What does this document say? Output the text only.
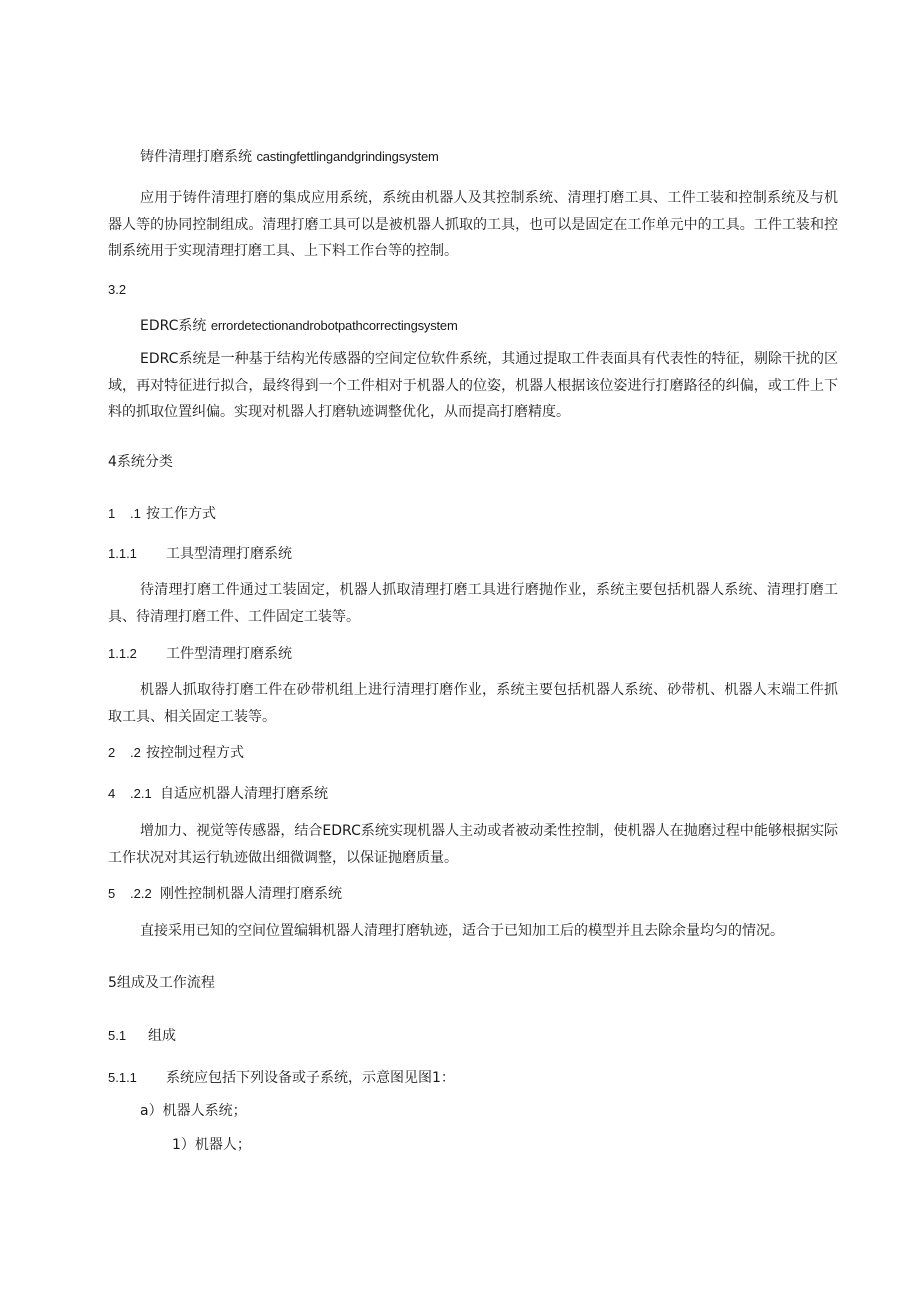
铸件清理打磨系统 castingfettlingandgrindingsystem

应用于铸件清理打磨的集成应用系统，系统由机器人及其控制系统、清理打磨工具、工件工装和控制系统及与机器人等的协同控制组成。清理打磨工具可以是被机器人抓取的工具，也可以是固定在工作单元中的工具。工件工装和控制系统用于实现清理打磨工具、上下料工作台等的控制。

3.2
EDRC系统 errordetectionandrobotpathcorrectingsystem

EDRC系统是一种基于结构光传感器的空间定位软件系统，其通过提取工件表面具有代表性的特征，剔除干扰的区域，再对特征进行拟合，最终得到一个工件相对于机器人的位姿，机器人根据该位姿进行打磨路径的纠偏，或工件上下料的抓取位置纠偏。实现对机器人打磨轨迹调整优化，从而提高打磨精度。

4系统分类
1 .1 按工作方式
1.1.1 工具型清理打磨系统

待清理打磨工件通过工装固定，机器人抓取清理打磨工具进行磨抛作业，系统主要包括机器人系统、清理打磨工具、待清理打磨工件、工件固定工装等。

1.1.2 工件型清理打磨系统

机器人抓取待打磨工件在砂带机组上进行清理打磨作业，系统主要包括机器人系统、砂带机、机器人末端工件抓取工具、相关固定工装等。

2 .2 按控制过程方式
4 .2.1 自适应机器人清理打磨系统

增加力、视觉等传感器，结合EDRC系统实现机器人主动或者被动柔性控制，使机器人在抛磨过程中能够根据实际工作状况对其运行轨迹做出细微调整，以保证抛磨质量。

5 .2.2 刚性控制机器人清理打磨系统

直接采用已知的空间位置编辑机器人清理打磨轨迹，适合于已知加工后的模型并且去除余量均匀的情况。

5组成及工作流程
5.1 组成
5.1.1 系统应包括下列设备或子系统，示意图见图1：
a）机器人系统；
1）机器人；
